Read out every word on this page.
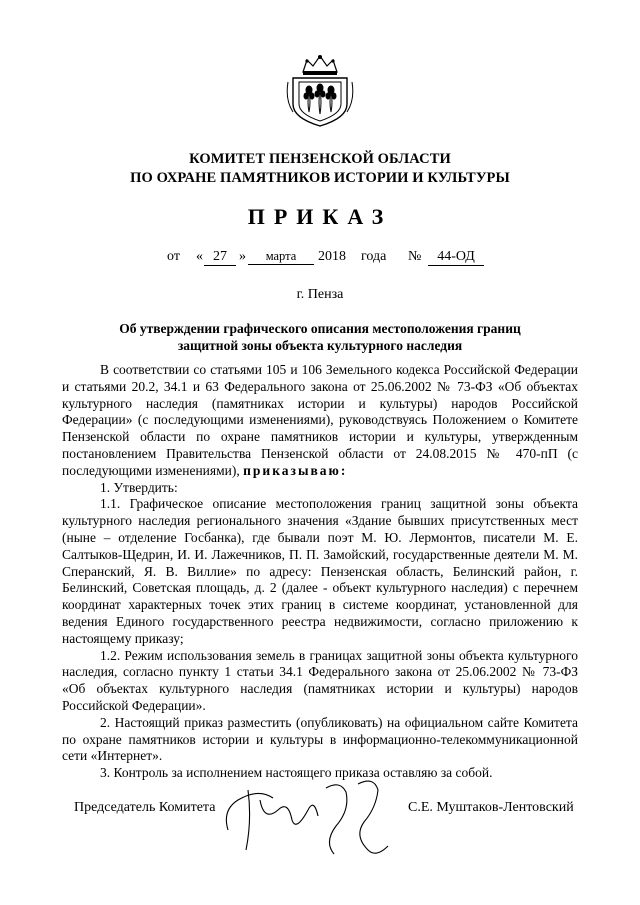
КОМИТЕТ ПЕНЗЕНСКОЙ ОБЛАСТИ
ПО ОХРАНЕ ПАМЯТНИКОВ ИСТОРИИ И КУЛЬТУРЫ
ПРИКАЗ
от « 27 »	марта	2018 года №	44-ОД
г. Пенза
Об утверждении графического описания местоположения границ
защитной зоны объекта культурного наследия

В соответствии со статьями 105 и 106 Земельного кодекса Российской Федерации и статьями 20.2, 34.1 и 63 Федерального закона от 25.06.2002 № 73-ФЗ «Об объектах культурного наследия (памятниках истории и культуры) народов Российской Федерации» (с последующими изменениями), руководствуясь Положением о Комитете Пензенской области по охране памятников истории и культуры, утвержденным постановлением Правительства Пензенской области от 24.08.2015 № 470-пП (с последующими изменениями), приказываю:

1. Утвердить:

1.1. Графическое описание местоположения границ защитной зоны объекта культурного наследия регионального значения «Здание бывших присутственных мест (ныне – отделение Госбанка), где бывали поэт М. Ю. Лермонтов, писатели М. Е. Салтыков-Щедрин, И. И. Лажечников, П. П. Замойский, государственные деятели М. М. Сперанский, Я. В. Виллие» по адресу: Пензенская область, Белинский район, г. Белинский, Советская площадь, д. 2 (далее - объект культурного наследия) с перечнем координат характерных точек этих границ в системе координат, установленной для ведения Единого государственного реестра недвижимости, согласно приложению к настоящему приказу;

1.2. Режим использования земель в границах защитной зоны объекта культурного наследия, согласно пункту 1 статьи 34.1 Федерального закона от 25.06.2002 № 73-ФЗ «Об объектах культурного наследия (памятниках истории и культуры) народов Российской Федерации».

2. Настоящий приказ разместить (опубликовать) на официальном сайте Комитета по охране памятников истории и культуры в информационно-телекоммуникационной сети «Интернет».

3. Контроль за исполнением настоящего приказа оставляю за собой.

Председатель Комитета	С.Е. Муштаков-Лентовский
